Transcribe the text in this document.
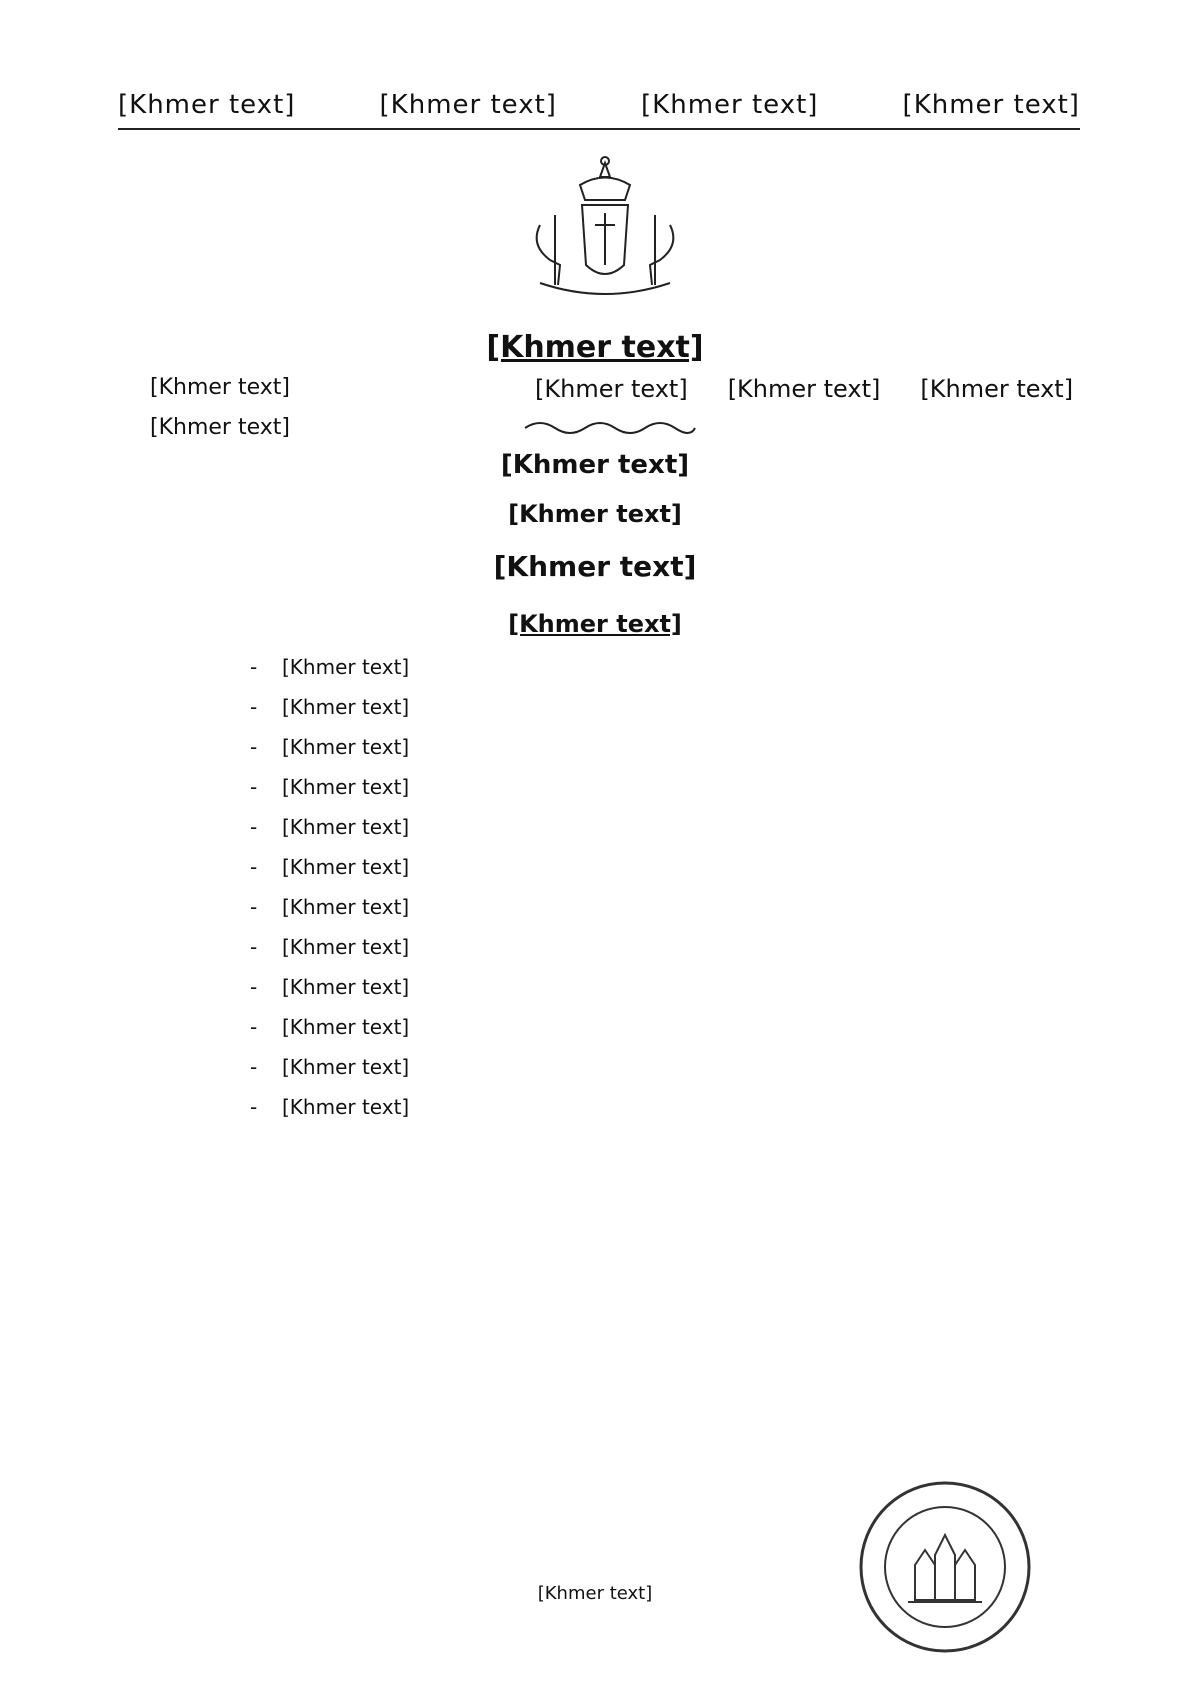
[Khmer text]	[Khmer text]	[Khmer text]	[Khmer text]
[Khmer text]
[Khmer text]
[Khmer text]
[Khmer text] [Khmer text] [Khmer text]
[Khmer text]
[Khmer text]
[Khmer text]
[Khmer text]
- [Khmer text]
- [Khmer text]
- [Khmer text]
- [Khmer text]
- [Khmer text]
- [Khmer text]
- [Khmer text]
- [Khmer text]
- [Khmer text]
- [Khmer text]
- [Khmer text]
- [Khmer text]
[Khmer text]
